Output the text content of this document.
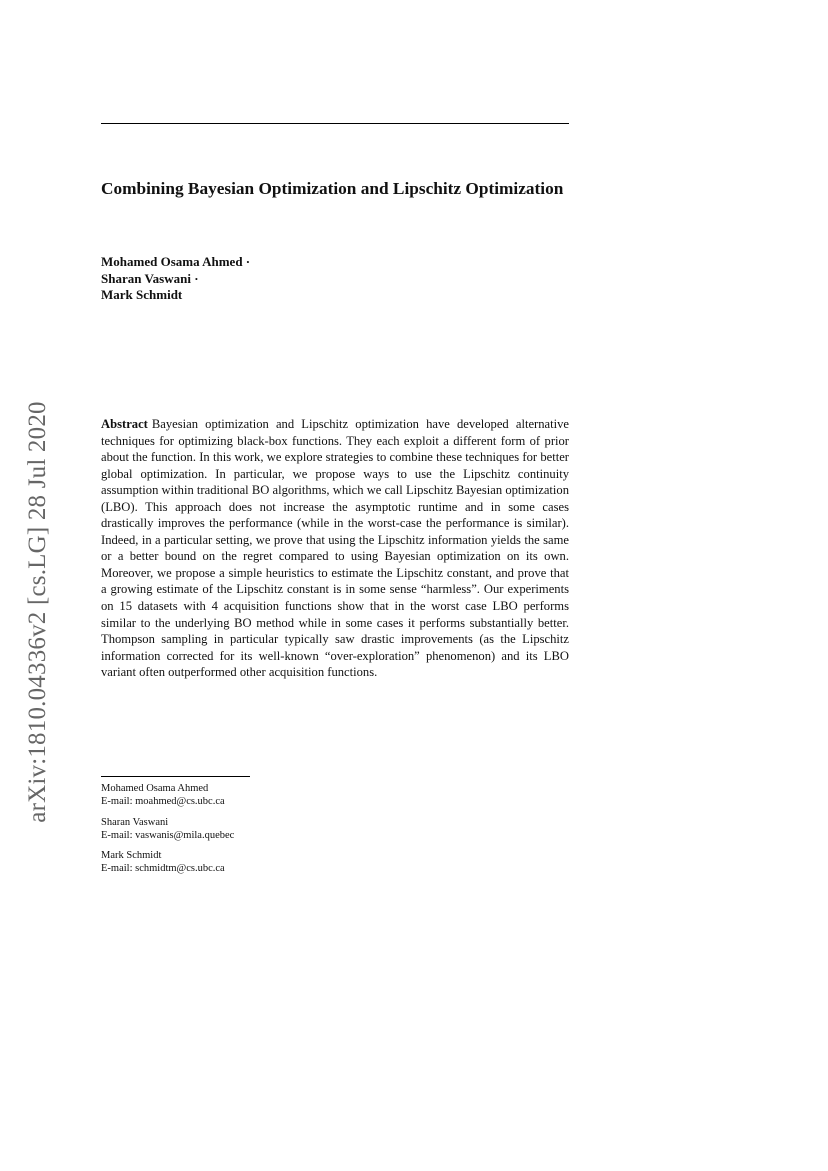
Combining Bayesian Optimization and Lipschitz Optimization
Mohamed Osama Ahmed ·
Sharan Vaswani ·
Mark Schmidt

Abstract Bayesian optimization and Lipschitz optimization have developed alternative techniques for optimizing black-box functions. They each exploit a different form of prior about the function. In this work, we explore strategies to combine these techniques for better global optimization. In particular, we propose ways to use the Lipschitz continuity assumption within traditional BO algorithms, which we call Lipschitz Bayesian optimization (LBO). This approach does not increase the asymptotic runtime and in some cases drastically improves the performance (while in the worst-case the performance is similar). Indeed, in a particular setting, we prove that using the Lipschitz information yields the same or a better bound on the regret compared to using Bayesian optimization on its own. Moreover, we propose a simple heuristics to estimate the Lipschitz constant, and prove that a growing estimate of the Lipschitz constant is in some sense “harmless”. Our experiments on 15 datasets with 4 acquisition functions show that in the worst case LBO performs similar to the underlying BO method while in some cases it performs substantially better. Thompson sampling in particular typically saw drastic improvements (as the Lipschitz information corrected for its well-known “over-exploration” phenomenon) and its LBO variant often outperformed other acquisition functions.

Mohamed Osama Ahmed
E-mail: moahmed@cs.ubc.ca
Sharan Vaswani
E-mail: vaswanis@mila.quebec
Mark Schmidt
E-mail: schmidtm@cs.ubc.ca
arXiv:1810.04336v2 [cs.LG] 28 Jul 2020
